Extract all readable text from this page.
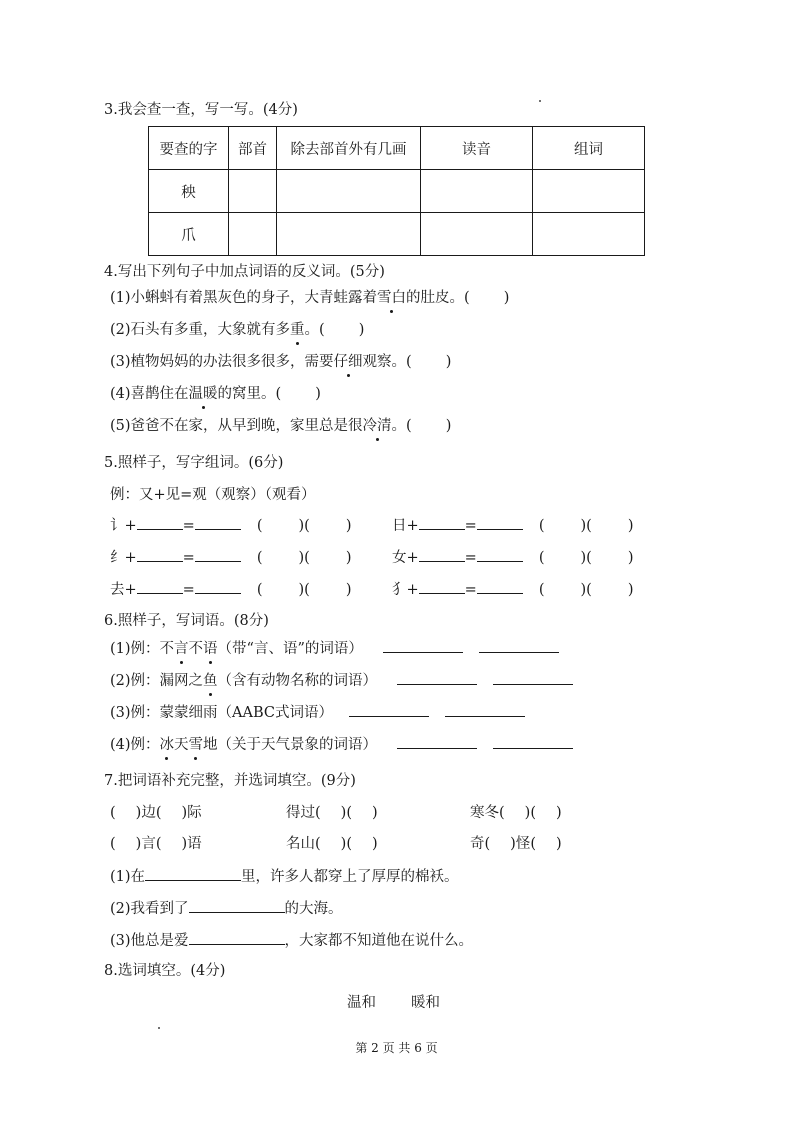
3.我会查一查，写一写。(4分)
要查的字	部首	除去部首外有几画	读音	组词
秧				
爪				
4.写出下列句子中加点词语的反义词。(5分)
(1)小蝌蚪有着黑灰色的身子，大青蛙露着雪白的肚皮。( )
(2)石头有多重，大象就有多重。( )
(3)植物妈妈的办法很多很多，需要仔细观察。( )
(4)喜鹊住在温暖的窝里。( )
(5)爸爸不在家，从早到晚，家里总是很冷清。( )
5.照样子，写字组词。(6分)
例：又+见=观（观察）（观看）
讠+	=	( )( )
纟+	=	( )( )
去+	=	( )( )
日+	=	( )( )
女+	=	( )( )
犭+	=	( )( )
6.照样子，写词语。(8分)
(1)例：不言不语（带“言、语”的词语）
(2)例：漏网之鱼（含有动物名称的词语）
(3)例：蒙蒙细雨（AABC式词语）
(4)例：冰天雪地（关于天气景象的词语）
7.把词语补充完整，并选词填空。(9分)
( )边( )际	得过( )( )	寒冬( )( )
( )言( )语	名山( )( )	奇( )怪( )
(1)在	里，许多人都穿上了厚厚的棉袄。
(2)我看到了	的大海。
(3)他总是爱	，大家都不知道他在说什么。
8.选词填空。(4分)
温和 暖和
第 2 页 共 6 页
